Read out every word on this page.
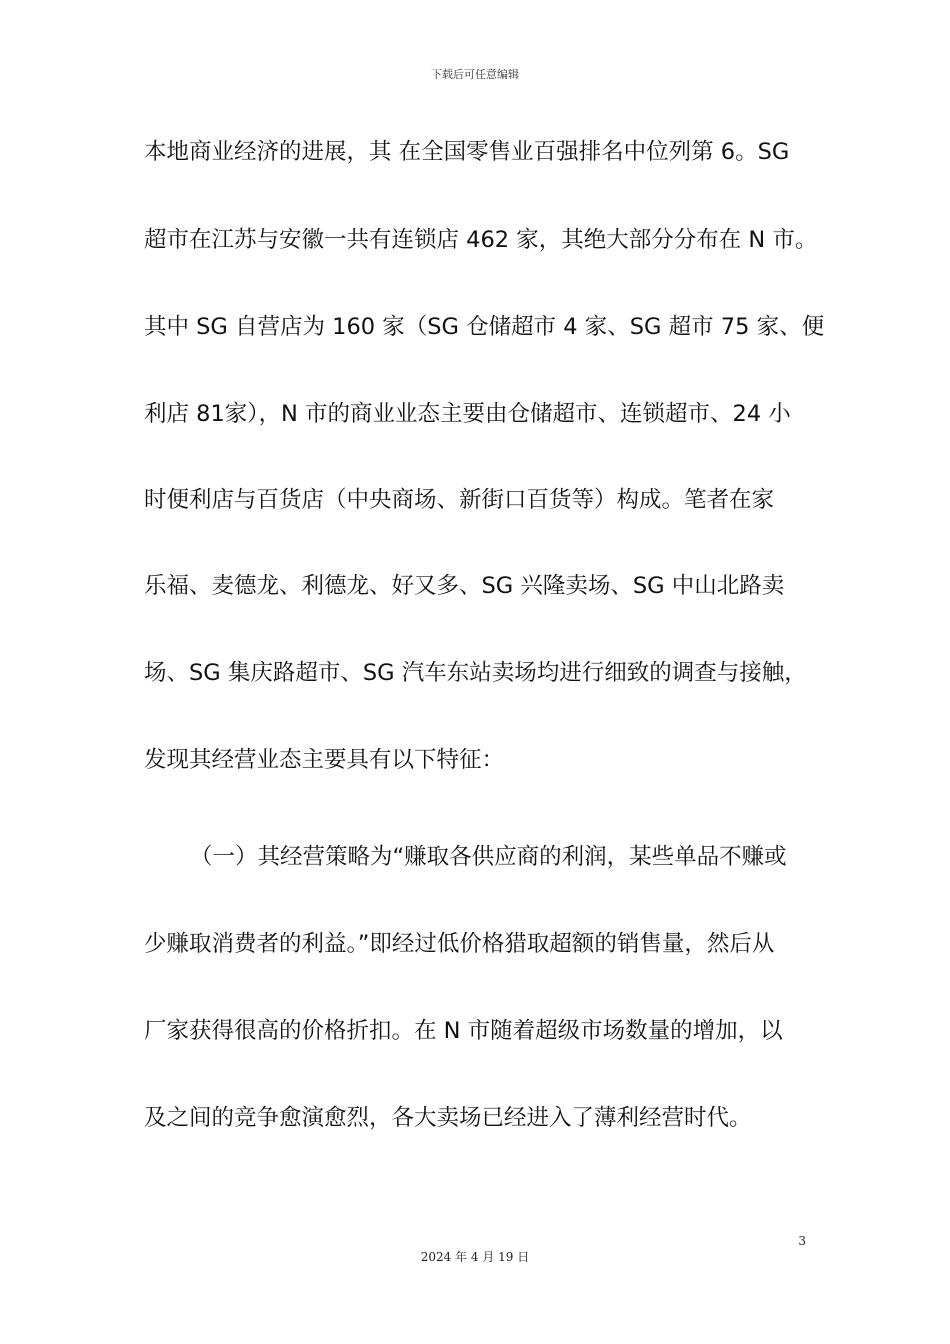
下载后可任意编辑
本地商业经济的进展，其 在全国零售业百强排名中位列第 6。SG
超市在江苏与安徽一共有连锁店 462 家，其绝大部分分布在 N 市。
其中 SG 自营店为 160 家（SG 仓储超市 4 家、SG 超市 75 家、便
利店 81家），N 市的商业业态主要由仓储超市、连锁超市、24 小
时便利店与百货店（中央商场、新街口百货等）构成。笔者在家
乐福、麦德龙、利德龙、好又多、SG 兴隆卖场、SG 中山北路卖
场、SG 集庆路超市、SG 汽车东站卖场均进行细致的调查与接触，
发现其经营业态主要具有以下特征：
（一）其经营策略为“赚取各供应商的利润，某些单品不赚或
少赚取消费者的利益。”即经过低价格猎取超额的销售量，然后从
厂家获得很高的价格折扣。在 N 市随着超级市场数量的增加，以
及之间的竞争愈演愈烈，各大卖场已经进入了薄利经营时代。
3
2024 年 4 月 19 日
